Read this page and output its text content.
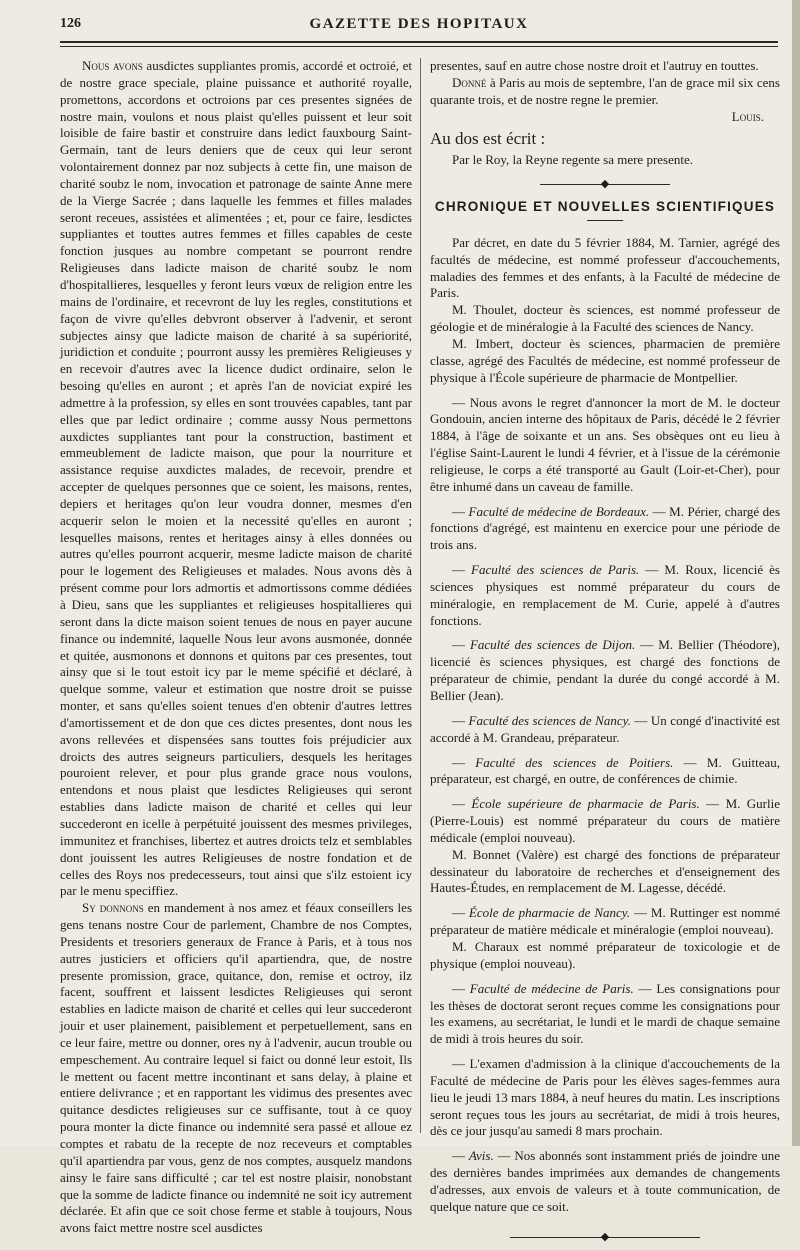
126	GAZETTE DES HOPITAUX

Nous avons ausdictes suppliantes promis, accordé et octroié, et de nostre grace speciale, plaine puissance et authorité royalle, promettons, accordons et octroions par ces presentes signées de nostre main, voulons et nous plaist qu'elles puissent et leur soit loisible de faire bastir et construire dans ledict fauxbourg Saint-Germain, tant de leurs deniers que de ceux qui leur seront volontairement donnez par noz subjects à cette fin, une maison de charité soubz le nom, invocation et patronage de sainte Anne mere de la Vierge Sacrée ; dans laquelle les femmes et filles malades seront receues, assistées et alimentées ; et, pour ce faire, lesdictes suppliantes et touttes autres femmes et filles capables de ceste fonction jusques au nombre competant se pourront rendre Religieuses dans ladicte maison de charité soubz le nom d'hospitallieres, lesquelles y feront leurs vœux de religion entre les mains de l'ordinaire, et recevront de luy les regles, constitutions et façon de vivre qu'elles debvront observer à l'advenir, et seront subjectes ainsy que ladicte maison de charité à sa supériorité, juridiction et conduite ; pourront aussy les premières Religieuses y en recevoir d'autres avec la licence dudict ordinaire, selon le besoing qu'elles en auront ; et après l'an de noviciat expiré les admettre à la profession, sy elles en sont trouvées capables, tant par elles que par ledict ordinaire ; comme aussy Nous permettons auxdictes suppliantes tant pour la construction, bastiment et emmeublement de ladicte maison, que pour la nourriture et assistance requise auxdictes malades, de recevoir, prendre et accepter de quelques personnes que ce soient, les maisons, rentes, depiers et heritages qu'on leur voudra donner, mesmes d'en acquerir selon le moien et la necessité qu'elles en auront ; lesquelles maisons, rentes et heritages ainsy à elles données ou autres qu'elles pourront acquerir, mesme ladicte maison de charité pour le logement des Religieuses et malades. Nous avons dès à présent comme pour lors admortis et admortissons comme dédiées à Dieu, sans que les suppliantes et religieuses hospitallieres qui seront dans la dicte maison soient tenues de nous en payer aucune finance ou indemnité, laquelle Nous leur avons ausmonée, donnée et quitée, ausmonons et donnons et quitons par ces presentes, tout ainsy que si le tout estoit icy par le meme spécifié et déclaré, à quelque somme, valeur et estimation que nostre droit se puisse monter, et sans qu'elles soient tenues d'en obtenir d'autres lettres d'amortissement et de don que ces dictes presentes, dont nous les avons rellevées et dispensées sans touttes fois préjudicier aux droicts des autres seigneurs particuliers, desquels les heritages pouroient relever, et pour plus grande grace nous voulons, entendons et nous plaist que lesdictes Religieuses qui seront establies dans ladicte maison de charité et celles qui leur succederont en icelle à perpétuité jouissent des mesmes privileges, immunitez et franchises, libertez et autres droicts telz et semblables dont jouissent les autres Religieuses de nostre fondation et de celles des Roys nos predecesseurs, tout ainsi que s'ilz estoient icy par le menu speciffiez.

Sy donnons en mandement à nos amez et féaux conseillers les gens tenans nostre Cour de parlement, Chambre de nos Comptes, Presidents et tresoriers generaux de France à Paris, et à tous nos autres justiciers et officiers qu'il apartiendra, que, de nostre presente promission, grace, quitance, don, remise et octroy, ilz facent, souffrent et laissent lesdictes Religieuses qui seront establies en ladicte maison de charité et celles qui leur succederont jouir et user plainement, paisiblement et perpetuellement, sans en ce leur faire, mettre ou donner, ores ny à l'advenir, aucun trouble ou empeschement. Au contraire lequel si faict ou donné leur estoit, Ils le mettent ou facent mettre incontinant et sans delay, à plaine et entiere delivrance ; et en rapportant les vidimus des presentes avec quitance desdictes religieuses sur ce suffisante, tout à ce quoy poura monter la dicte finance ou indemnité sera passé et alloue ez comptes et rabatu de la recepte de noz receveurs et comptables qu'il apartiendra par vous, genz de nos comptes, ausquelz mandons ainsy le faire sans difficulté ; car tel est nostre plaisir, nonobstant que la somme de ladicte finance ou indemnité ne soit icy autrement déclarée. Et afin que ce soit chose ferme et stable à toujours, Nous avons faict mettre nostre scel ausdictes

presentes, sauf en autre chose nostre droit et l'autruy en touttes.

Donné à Paris au mois de septembre, l'an de grace mil six cens quarante trois, et de nostre regne le premier.

Louis.

Au dos est écrit :

Par le Roy, la Reyne regente sa mere presente.

◆
CHRONIQUE ET NOUVELLES SCIENTIFIQUES

Par décret, en date du 5 février 1884, M. Tarnier, agrégé des facultés de médecine, est nommé professeur d'accouchements, maladies des femmes et des enfants, à la Faculté de médecine de Paris.

M. Thoulet, docteur ès sciences, est nommé professeur de géologie et de minéralogie à la Faculté des sciences de Nancy.

M. Imbert, docteur ès sciences, pharmacien de première classe, agrégé des Facultés de médecine, est nommé professeur de physique à l'École supérieure de pharmacie de Montpellier.

— Nous avons le regret d'annoncer la mort de M. le docteur Gondouin, ancien interne des hôpitaux de Paris, décédé le 2 février 1884, à l'âge de soixante et un ans. Ses obsèques ont eu lieu à l'église Saint-Laurent le lundi 4 février, et à l'issue de la cérémonie religieuse, le corps a été transporté au Gault (Loir-et-Cher), pour être inhumé dans un caveau de famille.

— Faculté de médecine de Bordeaux. — M. Périer, chargé des fonctions d'agrégé, est maintenu en exercice pour une période de trois ans.

— Faculté des sciences de Paris. — M. Roux, licencié ès sciences physiques est nommé préparateur du cours de minéralogie, en remplacement de M. Curie, appelé à d'autres fonctions.

— Faculté des sciences de Dijon. — M. Bellier (Théodore), licencié ès sciences physiques, est chargé des fonctions de préparateur de chimie, pendant la durée du congé accordé à M. Bellier (Jean).

— Faculté des sciences de Nancy. — Un congé d'inactivité est accordé à M. Grandeau, préparateur.

— Faculté des sciences de Poitiers. — M. Guitteau, préparateur, est chargé, en outre, de conférences de chimie.

— École supérieure de pharmacie de Paris. — M. Gurlie (Pierre-Louis) est nommé préparateur du cours de matière médicale (emploi nouveau).

M. Bonnet (Valère) est chargé des fonctions de préparateur dessinateur du laboratoire de recherches et d'enseignement des Hautes-Études, en remplacement de M. Lagesse, décédé.

— École de pharmacie de Nancy. — M. Ruttinger est nommé préparateur de matière médicale et minéralogie (emploi nouveau).

M. Charaux est nommé préparateur de toxicologie et de physique (emploi nouveau).

— Faculté de médecine de Paris. — Les consignations pour les thèses de doctorat seront reçues comme les consignations pour les examens, au secrétariat, le lundi et le mardi de chaque semaine de midi à trois heures du soir.

— L'examen d'admission à la clinique d'accouchements de la Faculté de médecine de Paris pour les élèves sages-femmes aura lieu le jeudi 13 mars 1884, à neuf heures du matin. Les inscriptions seront reçues tous les jours au secrétariat, de midi à trois heures, dès ce jour jusqu'au samedi 8 mars prochain.

— Avis. — Nos abonnés sont instamment priés de joindre une des dernières bandes imprimées aux demandes de changements d'adresses, aux envois de valeurs et à toute communication, de quelque nature que ce soit.

◆
